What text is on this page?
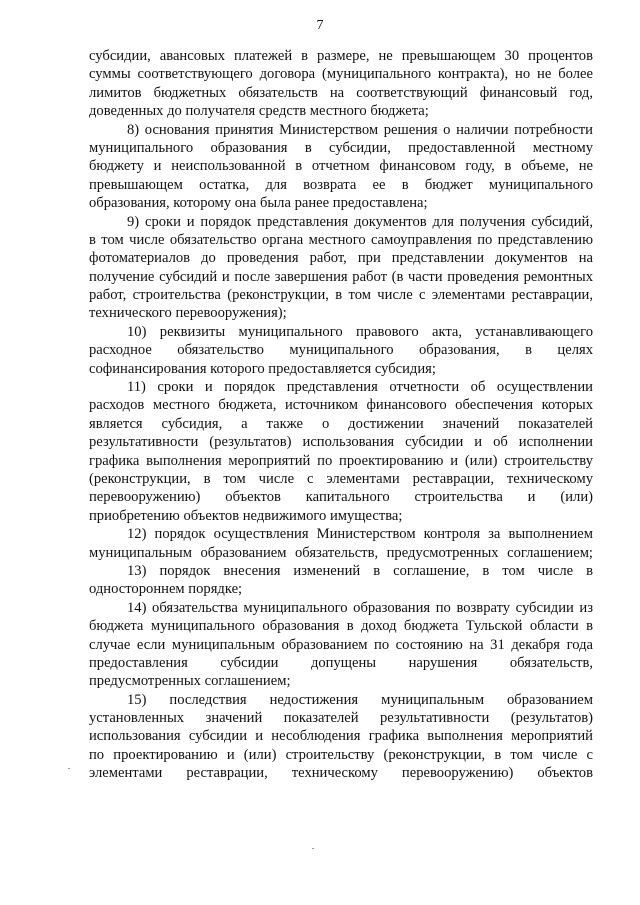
7
субсидии, авансовых платежей в размере, не превышающем 30 процентов
суммы соответствующего договора (муниципального контракта), но не более
лимитов бюджетных обязательств на соответствующий финансовый год,
доведенных до получателя средств местного бюджета;
8) основания принятия Министерством решения о наличии потребности
муниципального образования в субсидии, предоставленной местному
бюджету и неиспользованной в отчетном финансовом году, в объеме, не
превышающем остатка, для возврата ее в бюджет муниципального
образования, которому она была ранее предоставлена;
9) сроки и порядок представления документов для получения субсидий,
в том числе обязательство органа местного самоуправления по представлению
фотоматериалов до проведения работ, при представлении документов на
получение субсидий и после завершения работ (в части проведения ремонтных
работ, строительства (реконструкции, в том числе с элементами реставрации,
технического перевооружения);
10) реквизиты муниципального правового акта, устанавливающего
расходное обязательство муниципального образования, в целях
софинансирования которого предоставляется субсидия;
11) сроки и порядок представления отчетности об осуществлении
расходов местного бюджета, источником финансового обеспечения которых
является субсидия, а также о достижении значений показателей
результативности (результатов) использования субсидии и об исполнении
графика выполнения мероприятий по проектированию и (или) строительству
(реконструкции, в том числе с элементами реставрации, техническому
перевооружению) объектов капитального строительства и (или)
приобретению объектов недвижимого имущества;
12) порядок осуществления Министерством контроля за выполнением
муниципальным образованием обязательств, предусмотренных соглашением;
13) порядок внесения изменений в соглашение, в том числе в
одностороннем порядке;
14) обязательства муниципального образования по возврату субсидии из
бюджета муниципального образования в доход бюджета Тульской области в
случае если муниципальным образованием по состоянию на 31 декабря года
предоставления субсидии допущены нарушения обязательств,
предусмотренных соглашением;
15) последствия недостижения муниципальным образованием
установленных значений показателей результативности (результатов)
использования субсидии и несоблюдения графика выполнения мероприятий
по проектированию и (или) строительству (реконструкции, в том числе с
элементами реставрации, техническому перевооружению) объектов
